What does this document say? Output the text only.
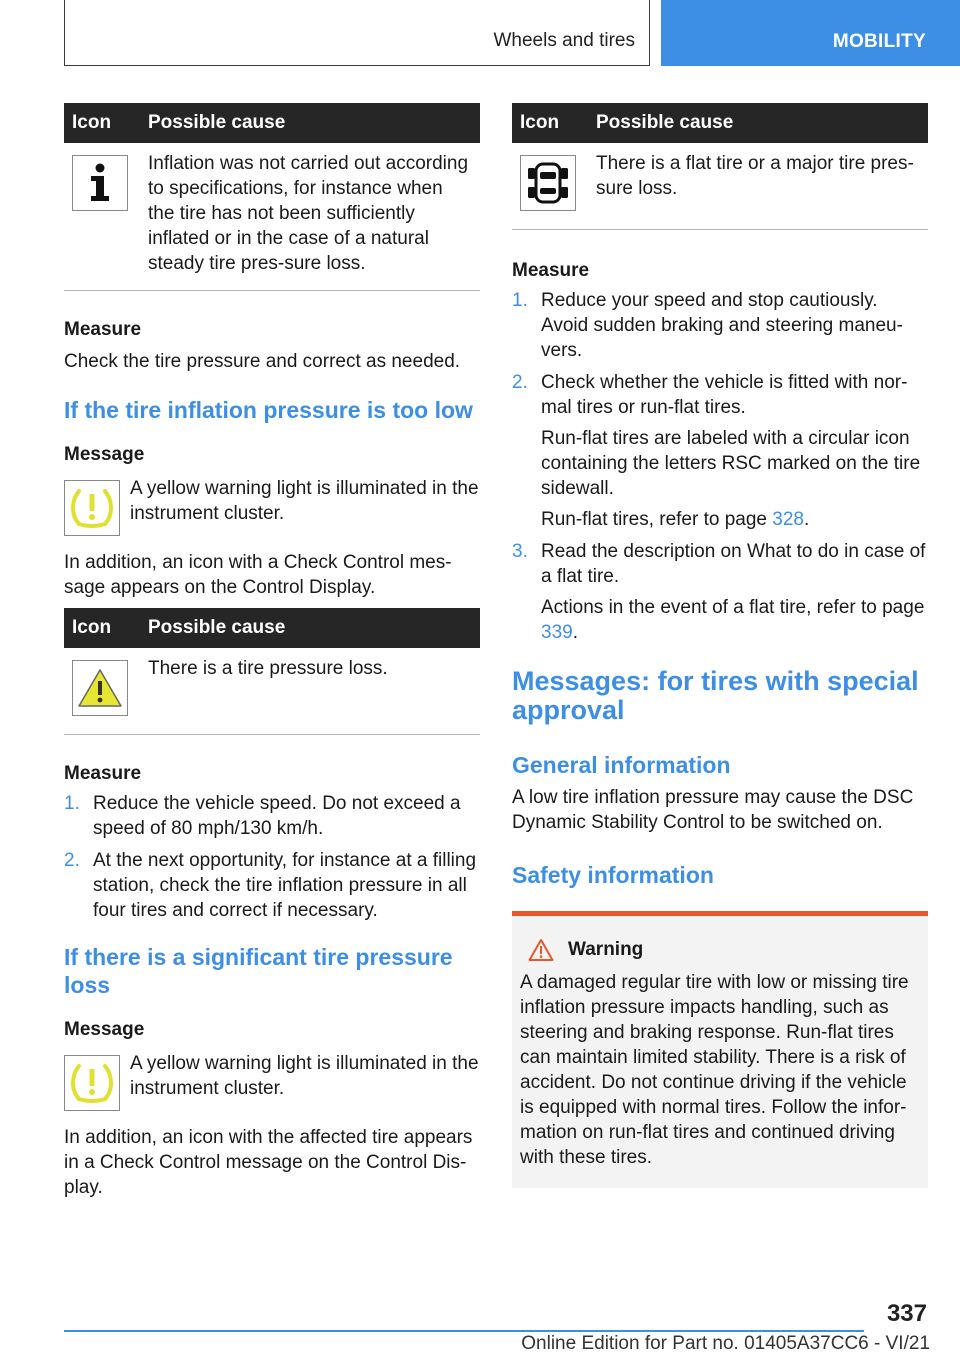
Wheels and tires	MOBILITY
Icon	Possible cause

	Inflation was not carried out according to specifications, for instance when the tire has not been sufficiently inflated or in the case of a natural steady tire pres-sure loss.
Measure

Check the tire pressure and correct as needed.

If the tire inflation pressure is too low
Message
A yellow warning light is illuminated in the instrument cluster.

In addition, an icon with a Check Control mes-sage appears on the Control Display.

Icon	Possible cause

	There is a tire pressure loss.
Measure
1. Reduce the vehicle speed. Do not exceed a speed of 80 mph/130 km/h.
2. At the next opportunity, for instance at a filling station, check the tire inflation pressure in all four tires and correct if necessary.
If there is a significant tire pressure loss
Message
A yellow warning light is illuminated in the instrument cluster.

In addition, an icon with the affected tire appears in a Check Control message on the Control Dis-play.

Icon	Possible cause

	There is a flat tire or a major tire pres-sure loss.
Measure
1. Reduce your speed and stop cautiously. Avoid sudden braking and steering maneu-vers.
2. Check whether the vehicle is fitted with nor-mal tires or run-flat tires.

Run-flat tires are labeled with a circular icon containing the letters RSC marked on the tire sidewall.

Run-flat tires, refer to page 328.

3. Read the description on What to do in case of a flat tire.

Actions in the event of a flat tire, refer to page 339.

Messages: for tires with special approval
General information

A low tire inflation pressure may cause the DSC Dynamic Stability Control to be switched on.

Safety information
Warning

A damaged regular tire with low or missing tire inflation pressure impacts handling, such as steering and braking response. Run-flat tires can maintain limited stability. There is a risk of accident. Do not continue driving if the vehicle is equipped with normal tires. Follow the infor-mation on run-flat tires and continued driving with these tires.

337
Online Edition for Part no. 01405A37CC6 - VI/21
